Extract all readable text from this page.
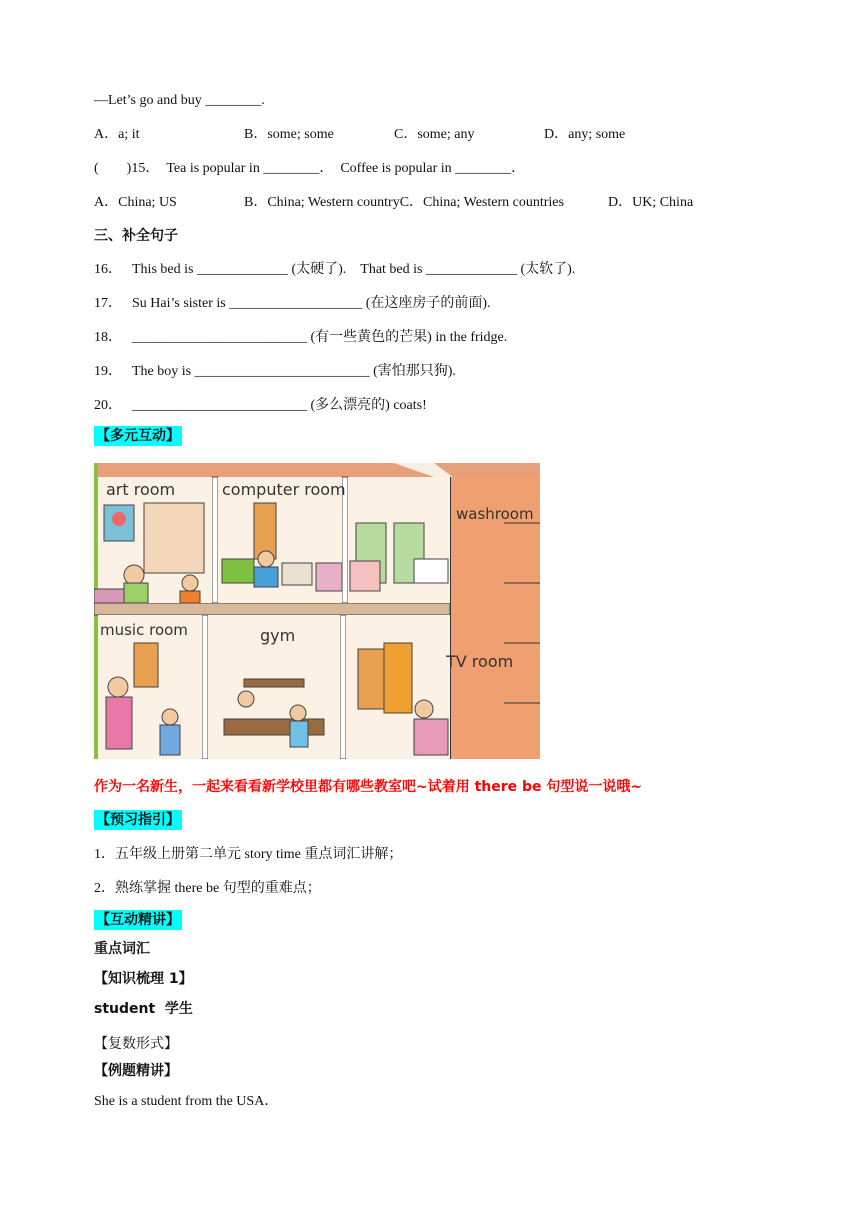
—Let’s go and buy ________.
A．a; it	B．some; some	C．some; any	D．any; some
(　　)15．　Tea is popular in ________．　Coffee is popular in ________．
A．China; US	B．China; Western countryC．China; Western countries	D．UK; China
三、补全句子
16． This bed is _____________ (太硬了).　That bed is _____________ (太软了).
17． Su Hai’s sister is ___________________ (在这座房子的前面).
18． _________________________ (有一些黄色的芒果) in the fridge.
19． The boy is _________________________ (害怕那只狗).
20． _________________________ (多么漂亮的) coats!
【多元互动】
art room	computer room
washroom
music room	gym
TV room
作为一名新生，一起来看看新学校里都有哪些教室吧~试着用 there be 句型说一说哦~
【预习指引】
1．五年级上册第二单元 story time 重点词汇讲解；
2．熟练掌握 there be 句型的重难点；
【互动精讲】
重点词汇
【知识梳理 1】
student  学生
【复数形式】
【例题精讲】
She is a student from the USA．
